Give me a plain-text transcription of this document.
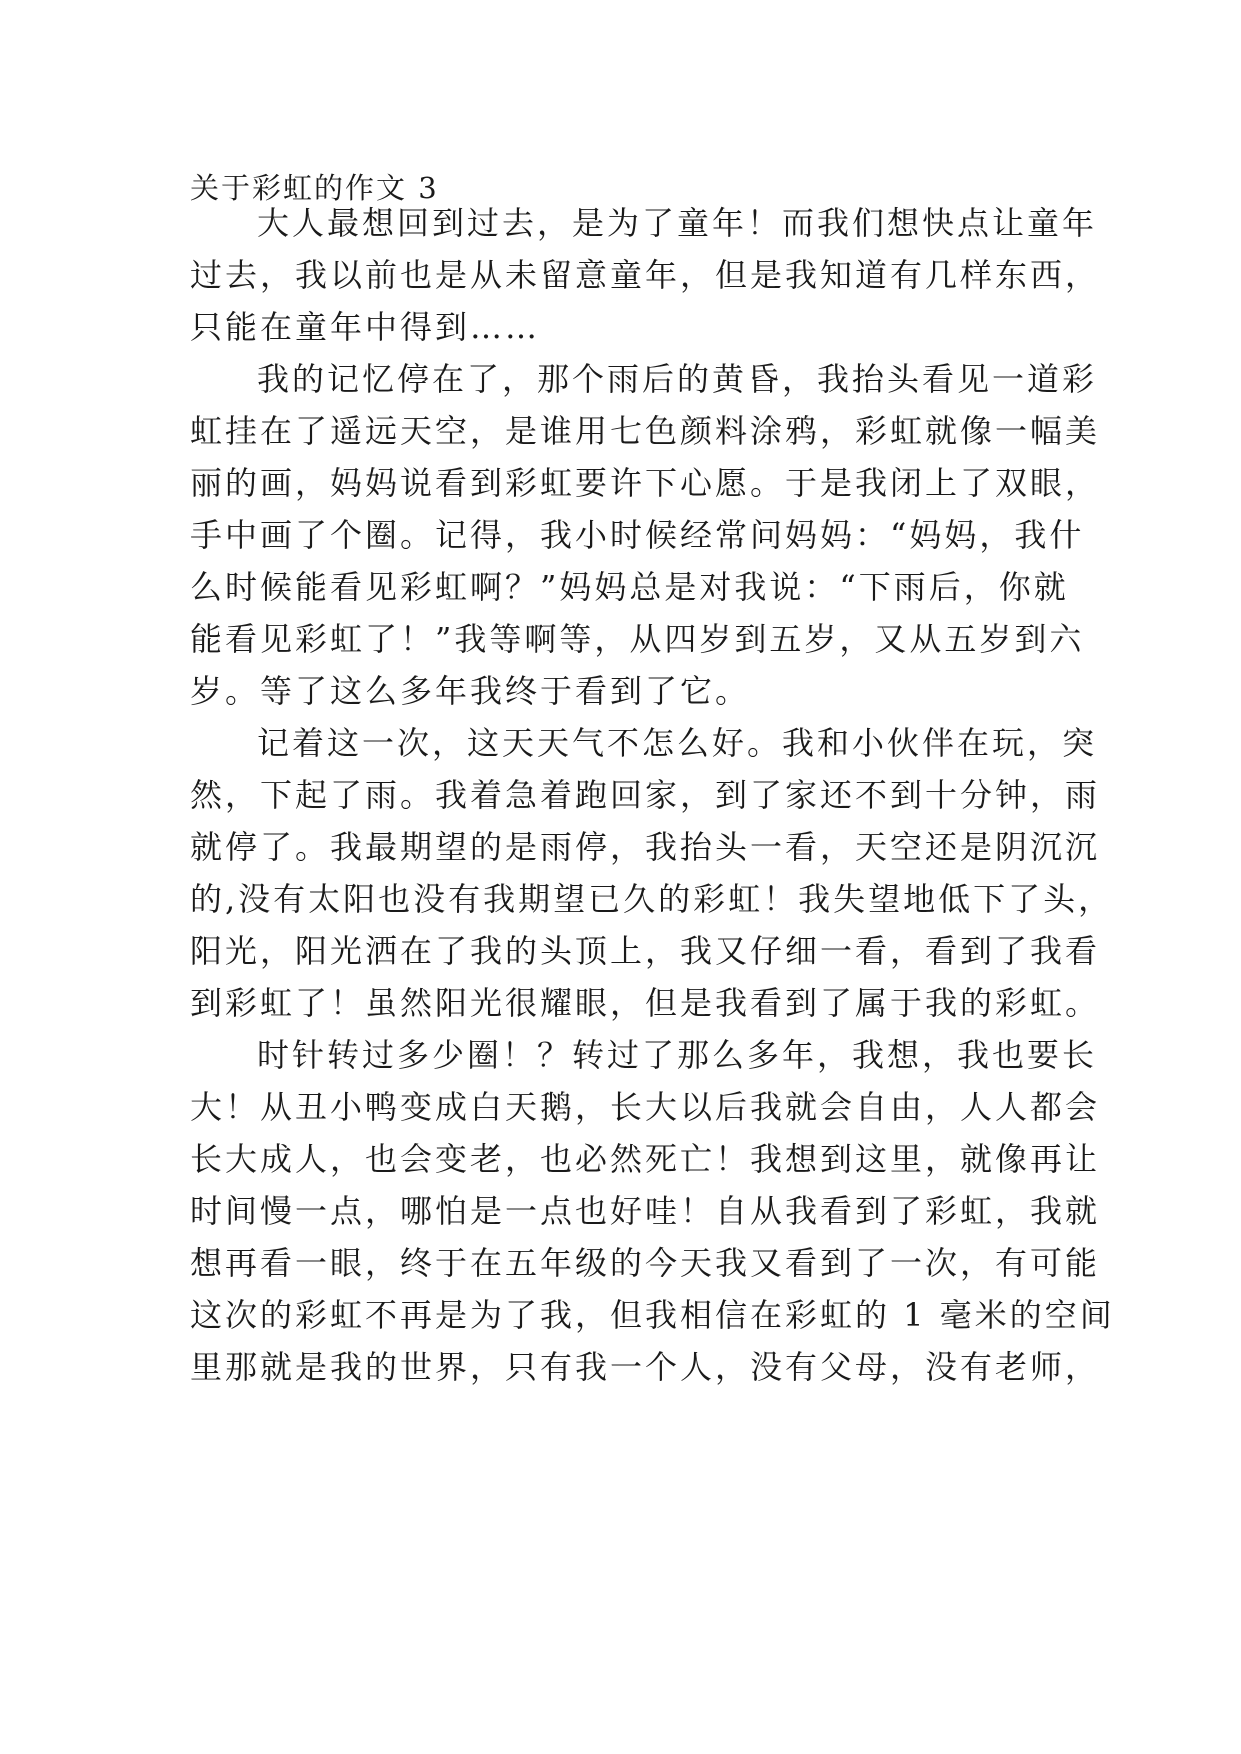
关于彩虹的作文 3
大人最想回到过去，是为了童年！而我们想快点让童年
过去，我以前也是从未留意童年，但是我知道有几样东西，
只能在童年中得到……
我的记忆停在了，那个雨后的黄昏，我抬头看见一道彩
虹挂在了遥远天空，是谁用七色颜料涂鸦，彩虹就像一幅美
丽的画，妈妈说看到彩虹要许下心愿。于是我闭上了双眼，
手中画了个圈。记得，我小时候经常问妈妈：“妈妈，我什
么时候能看见彩虹啊？”妈妈总是对我说：“下雨后，你就
能看见彩虹了！”我等啊等，从四岁到五岁，又从五岁到六
岁。等了这么多年我终于看到了它。
记着这一次，这天天气不怎么好。我和小伙伴在玩，突
然，下起了雨。我着急着跑回家，到了家还不到十分钟，雨
就停了。我最期望的是雨停，我抬头一看，天空还是阴沉沉
的,没有太阳也没有我期望已久的彩虹！我失望地低下了头，
阳光，阳光洒在了我的头顶上，我又仔细一看，看到了我看
到彩虹了！虽然阳光很耀眼，但是我看到了属于我的彩虹。
时针转过多少圈！？转过了那么多年，我想，我也要长
大！从丑小鸭变成白天鹅，长大以后我就会自由，人人都会
长大成人，也会变老，也必然死亡！我想到这里，就像再让
时间慢一点，哪怕是一点也好哇！自从我看到了彩虹，我就
想再看一眼，终于在五年级的今天我又看到了一次，有可能
这次的彩虹不再是为了我，但我相信在彩虹的 1 毫米的空间
里那就是我的世界，只有我一个人，没有父母，没有老师，
